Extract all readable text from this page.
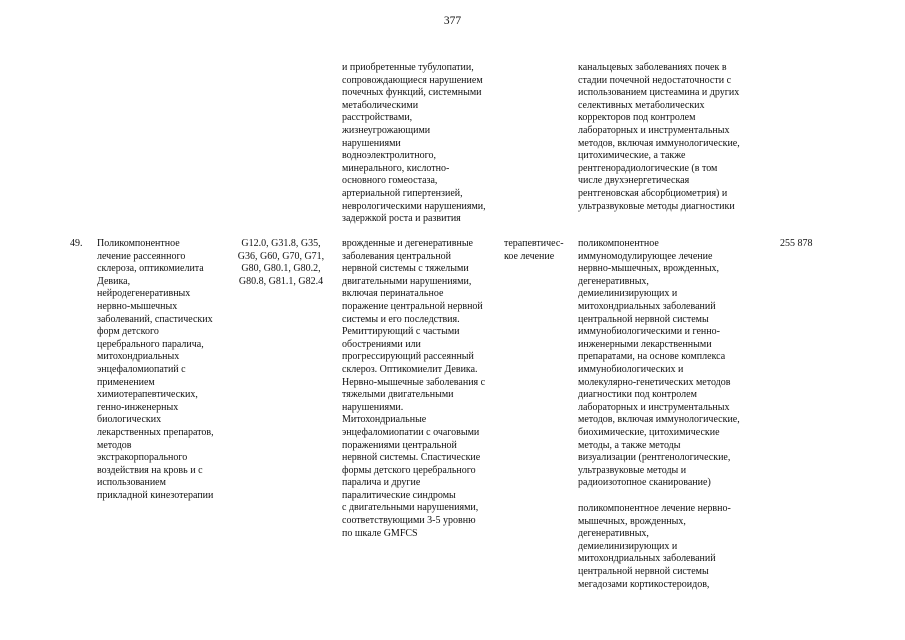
377
и приобретенные тубулопатии,
сопровождающиеся нарушением
почечных функций, системными
метаболическими
расстройствами,
жизнеугрожающими
нарушениями
водноэлектролитного,
минерального, кислотно-
основного гомеостаза,
артериальной гипертензией,
неврологическими нарушениями,
задержкой роста и развития
канальцевых заболеваниях почек в
стадии почечной недостаточности с
использованием цистеамина и других
селективных метаболических
корректоров под контролем
лабораторных и инструментальных
методов, включая иммунологические,
цитохимические, а также
рентгенорадиологические (в том
числе двухэнергетическая
рентгеновская абсорбциометрия) и
ультразвуковые методы диагностики
49.	Поликомпонентное
лечение рассеянного
склероза, оптикомиелита
Девика,
нейродегенеративных
нервно-мышечных
заболеваний, спастических
форм детского
церебрального паралича,
митохондриальных
энцефаломиопатий с
применением
химиотерапевтических,
генно-инженерных
биологических
лекарственных препаратов,
методов
экстракорпорального
воздействия на кровь и с
использованием
прикладной кинезотерапии
G12.0, G31.8, G35,
G36, G60, G70, G71,
G80, G80.1, G80.2,
G80.8, G81.1, G82.4
врожденные и дегенеративные
заболевания центральной
нервной системы с тяжелыми
двигательными нарушениями,
включая перинатальное
поражение центральной нервной
системы и его последствия.
Ремиттирующий с частыми
обострениями или
прогрессирующий рассеянный
склероз. Оптикомиелит Девика.
Нервно-мышечные заболевания с
тяжелыми двигательными
нарушениями.
Митохондриальные
энцефаломиопатии с очаговыми
поражениями центральной
нервной системы. Спастические
формы детского церебрального
паралича и другие
паралитические синдромы
с двигательными нарушениями,
соответствующими 3-5 уровню
по шкале GMFCS
терапевтичес-
кое лечение
поликомпонентное
иммуномодулирующее лечение
нервно-мышечных, врожденных,
дегенеративных,
демиелинизирующих и
митохондриальных заболеваний
центральной нервной системы
иммунобиологическими и генно-
инженерными лекарственными
препаратами, на основе комплекса
иммунобиологических и
молекулярно-генетических методов
диагностики под контролем
лабораторных и инструментальных
методов, включая иммунологические,
биохимические, цитохимические
методы, а также методы
визуализации (рентгенологические,
ультразвуковые методы и
радиоизотопное сканирование)
поликомпонентное лечение нервно-
мышечных, врожденных,
дегенеративных,
демиелинизирующих и
митохондриальных заболеваний
центральной нервной системы
мегадозами кортикостероидов,
255 878
